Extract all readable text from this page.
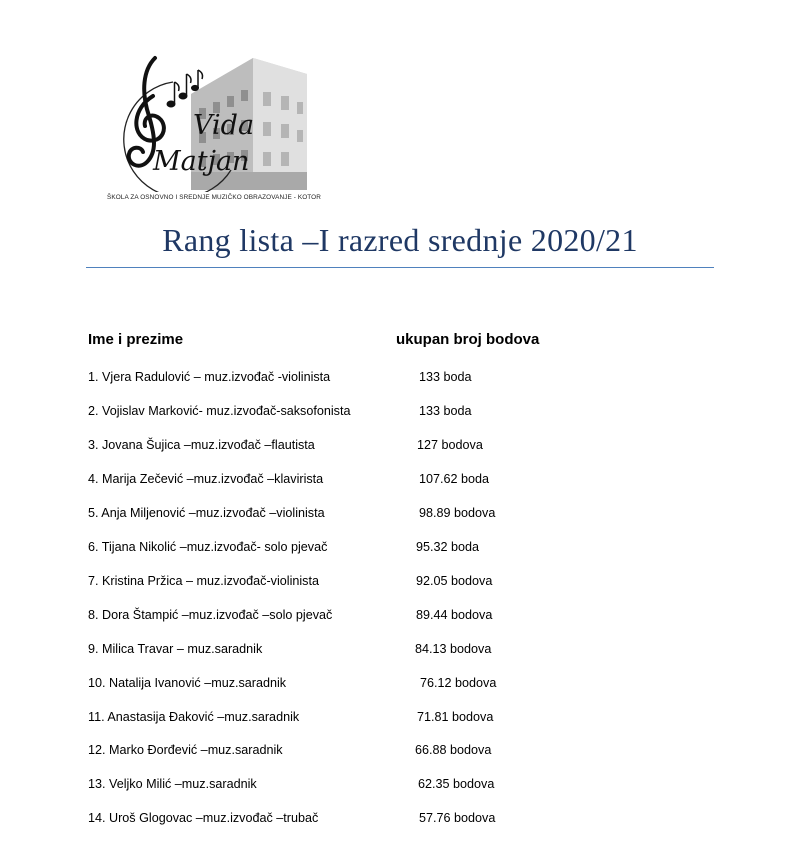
Vida
Matjan
ŠKOLA ZA OSNOVNO I SREDNJE MUZIČKO OBRAZOVANJE - KOTOR
Rang lista –I razred srednje 2020/21
Ime i prezime	ukupan broj bodova
1. Vjera Radulović – muz.izvođač -violinista	133 boda
2. Vojislav Marković- muz.izvođač-saksofonista	133 boda
3. Jovana Šujica –muz.izvođač –flautista	127 bodova
4. Marija Zečević –muz.izvođač –klavirista	107.62 boda
5. Anja Miljenović –muz.izvođač –violinista	98.89 bodova
6. Tijana Nikolić –muz.izvođač- solo pjevač	95.32 boda
7. Kristina Pržica – muz.izvođač-violinista	92.05 bodova
8. Dora Štampić –muz.izvođač –solo pjevač	89.44 bodova
9. Milica Travar – muz.saradnik	84.13 bodova
10. Natalija Ivanović –muz.saradnik	76.12 bodova
11. Anastasija Đaković –muz.saradnik	71.81 bodova
12. Marko Đorđević –muz.saradnik	66.88 bodova
13. Veljko Milić –muz.saradnik	62.35 bodova
14. Uroš Glogovac –muz.izvođač –trubač	57.76 bodova
